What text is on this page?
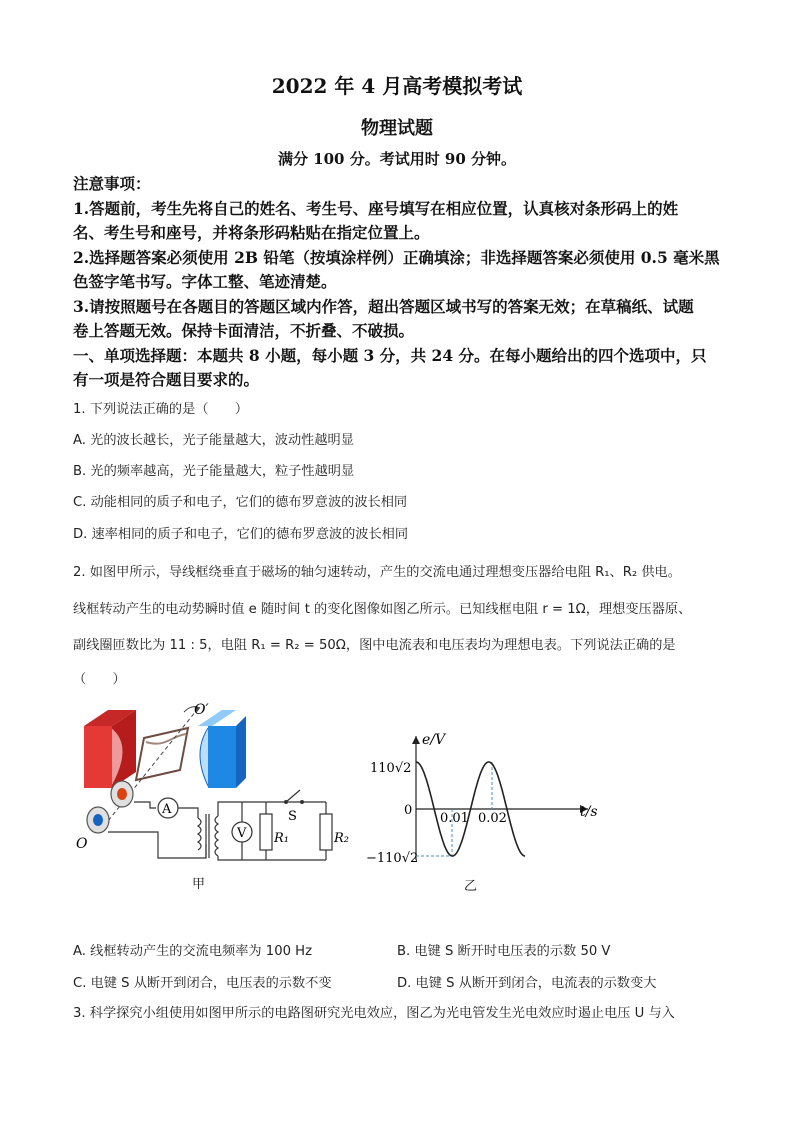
2022 年 4 月高考模拟考试
物理试题
满分 100 分。考试用时 90 分钟。
注意事项：
1.答题前，考生先将自己的姓名、考生号、座号填写在相应位置，认真核对条形码上的姓
名、考生号和座号，并将条形码粘贴在指定位置上。
2.选择题答案必须使用 2B 铅笔（按填涂样例）正确填涂；非选择题答案必须使用 0.5 毫米黑
色签字笔书写。字体工整、笔迹清楚。
3.请按照题号在各题目的答题区域内作答，超出答题区域书写的答案无效；在草稿纸、试题
卷上答题无效。保持卡面清洁，不折叠、不破损。
一、单项选择题：本题共 8 小题，每小题 3 分，共 24 分。在每小题给出的四个选项中，只
有一项是符合题目要求的。
1. 下列说法正确的是（　　）
A. 光的波长越长，光子能量越大，波动性越明显
B. 光的频率越高，光子能量越大，粒子性越明显
C. 动能相同的质子和电子，它们的德布罗意波的波长相同
D. 速率相同的质子和电子，它们的德布罗意波的波长相同
2. 如图甲所示，导线框绕垂直于磁场的轴匀速转动，产生的交流电通过理想变压器给电阻 R₁、R₂ 供电。
线框转动产生的电动势瞬时值 e 随时间 t 的变化图像如图乙所示。已知线框电阻 r = 1Ω，理想变压器原、
副线圈匝数比为 11 : 5，电阻 R₁ = R₂ = 50Ω，图中电流表和电压表均为理想电表。下列说法正确的是
（　　）
O′
O
A
V R₁
S
R₂
甲
e/V
t/s
110√2
0
−110√2
0.01 0.02
乙
A. 线框转动产生的交流电频率为 100 Hz	B. 电键 S 断开时电压表的示数 50 V
C. 电键 S 从断开到闭合，电压表的示数不变	D. 电键 S 从断开到闭合，电流表的示数变大
3. 科学探究小组使用如图甲所示的电路图研究光电效应，图乙为光电管发生光电效应时遏止电压 U 与入
